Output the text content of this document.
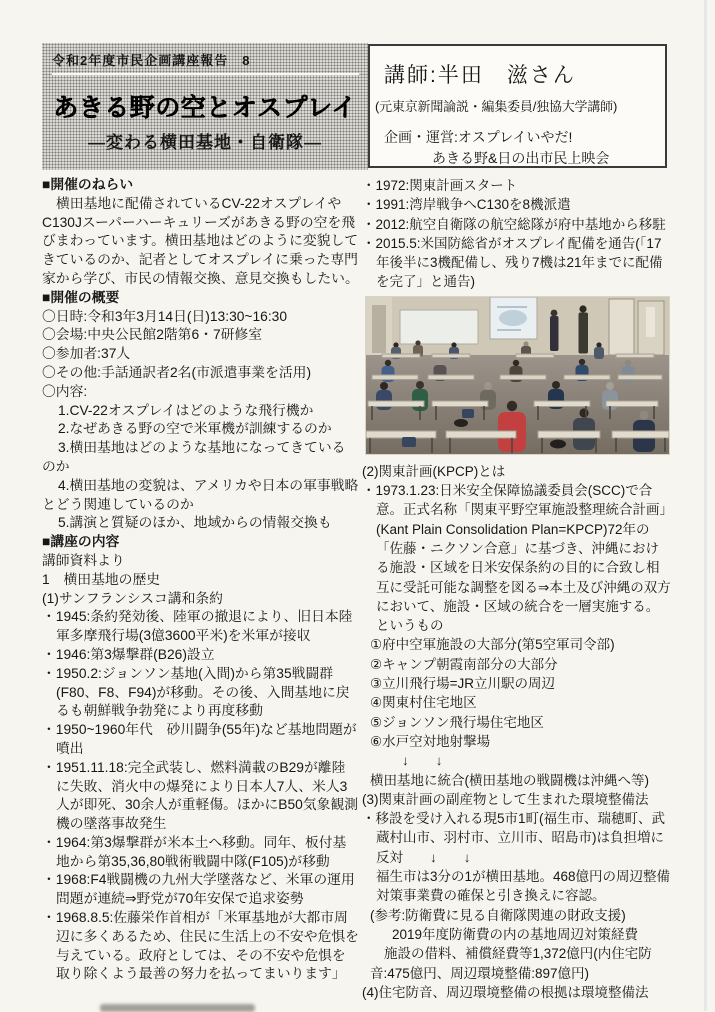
令和2年度市民企画講座報告　8
あきる野の空とオスプレイ
―変わる横田基地・自衛隊―
講師:半田　滋さん
(元東京新聞論説・編集委員/独協大学講師)
企画・運営:オスプレイいやだ!
あきる野&日の出市民上映会
■開催のねらい
横田基地に配備されているCV-22オスプレイやC130Jスーパーハーキュリーズがあきる野の空を飛びまわっています。横田基地はどのように変貌してきているのか、記者としてオスプレイに乗った専門家から学び、市民の情報交換、意見交換もしたい。
■開催の概要
〇日時:令和3年3月14日(日)13:30~16:30
〇会場:中央公民館2階第6・7研修室
〇参加者:37人
〇その他:手話通訳者2名(市派遣事業を活用)
〇内容:
1.CV-22オスプレイはどのような飛行機か
2.なぜあきる野の空で米軍機が訓練するのか
3.横田基地はどのような基地になってきているのか
4.横田基地の変貌は、アメリカや日本の軍事戦略とどう関連しているのか
5.講演と質疑のほか、地域からの情報交換も
■講座の内容
講師資料より
1　横田基地の歴史
(1)サンフランシスコ講和条約
・1945:条約発効後、陸軍の撤退により、旧日本陸軍多摩飛行場(3億3600平米)を米軍が接収
・1946:第3爆撃群(B26)設立
・1950.2:ジョンソン基地(入間)から第35戦闘群(F80、F8、F94)が移動。その後、入間基地に戻るも朝鮮戦争勃発により再度移動
・1950~1960年代　砂川闘争(55年)など基地問題が噴出
・1951.11.18:完全武装し、燃料満載のB29が離陸に失敗、消火中の爆発により日本人7人、米人3人が即死、30余人が重軽傷。ほかにB50気象観測機の墜落事故発生
・1964:第3爆撃群が米本土へ移動。同年、板付基地から第35,36,80戦術戦闘中隊(F105)が移動
・1968:F4戦闘機の九州大学墜落など、米軍の運用問題が連続⇒野党が70年安保で追求姿勢
・1968.8.5:佐藤栄作首相が「米軍基地が大都市周辺に多くあるため、住民に生活上の不安や危惧を与えている。政府としては、その不安や危惧を取り除くよう最善の努力を払ってまいります」
・1972:関東計画スタート
・1991:湾岸戦争へC130を8機派遣
・2012:航空自衛隊の航空総隊が府中基地から移駐
・2015.5:米国防総省がオスプレイ配備を通告(「17年後半に3機配備し、残り7機は21年までに配備を完了」と通告)
(2)関東計画(KPCP)とは
・1973.1.23:日米安全保障協議委員会(SCC)で合意。正式名称「関東平野空軍施設整理統合計画」(Kant Plain Consolidation Plan=KPCP)72年の「佐藤・ニクソン合意」に基づき、沖縄における施設・区域を日米安保条約の目的に合致し相互に受託可能な調整を図る⇒本土及び沖縄の双方において、施設・区域の統合を一層実施する。というもの
①府中空軍施設の大部分(第5空軍司令部)
②キャンプ朝霞南部分の大部分
③立川飛行場=JR立川駅の周辺
④関東村住宅地区
⑤ジョンソン飛行場住宅地区
⑥水戸空対地射撃場
↓　　↓
横田基地に統合(横田基地の戦闘機は沖縄へ等)
(3)関東計画の副産物として生まれた環境整備法
・移設を受け入れる現5市1町(福生市、瑞穂町、武蔵村山市、羽村市、立川市、昭島市)は負担増に
反対　　↓　　↓
福生市は3分の1が横田基地。468億円の周辺整備対策事業費の確保と引き換えに容認。
(参考:防衛費に見る自衛隊関連の財政支援)
2019年度防衛費の内の基地周辺対策経費
施設の借料、補償経費等1,372億円(内住宅防音:475億円、周辺環境整備:897億円)
(4)住宅防音、周辺環境整備の根拠は環境整備法
